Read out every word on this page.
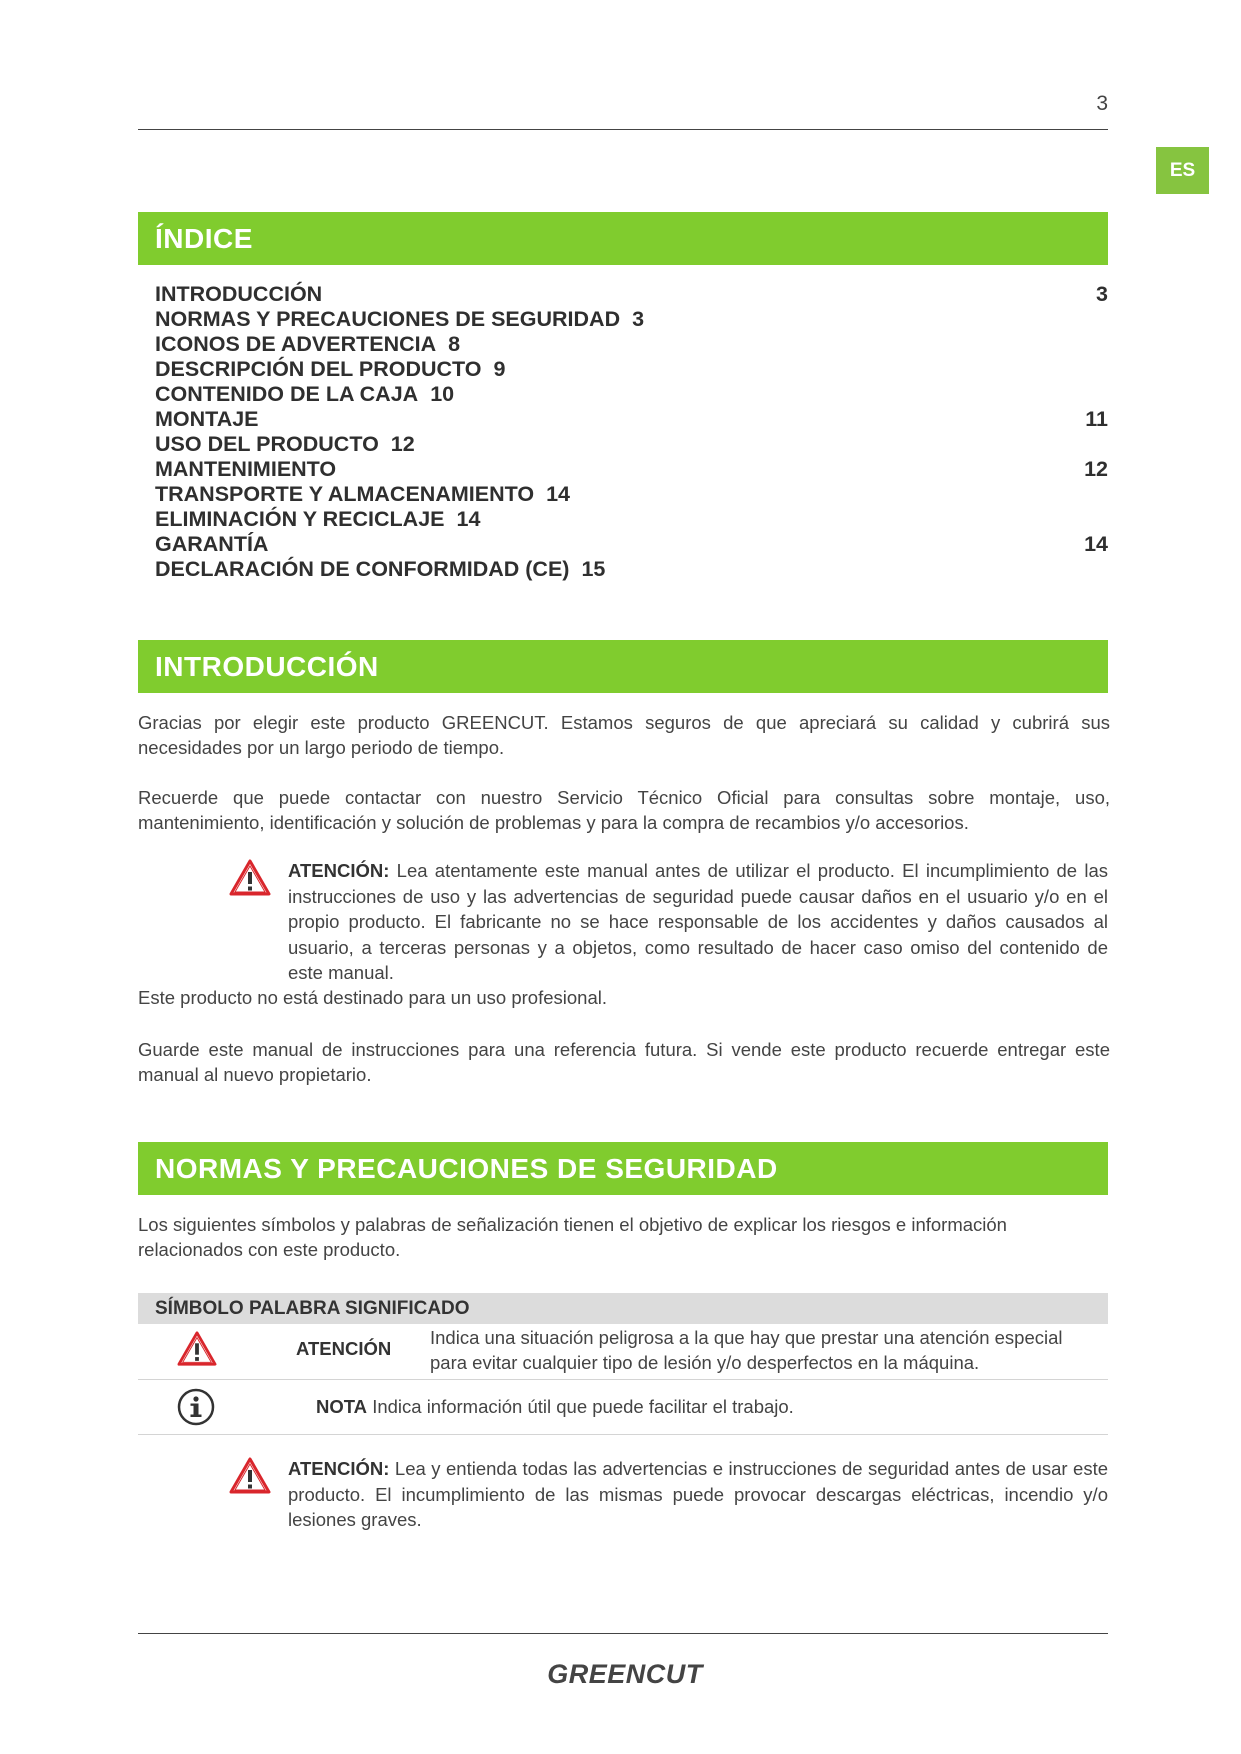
3
ES
ÍNDICE
INTRODUCCIÓN	3
NORMAS Y PRECAUCIONES DE SEGURIDAD 3
ICONOS DE ADVERTENCIA 8
DESCRIPCIÓN DEL PRODUCTO 9
CONTENIDO DE LA CAJA 10
MONTAJE	11
USO DEL PRODUCTO 12
MANTENIMIENTO	12
TRANSPORTE Y ALMACENAMIENTO 14
ELIMINACIÓN Y RECICLAJE 14
GARANTÍA	14
DECLARACIÓN DE CONFORMIDAD (CE) 15
INTRODUCCIÓN
Gracias por elegir este producto GREENCUT. Estamos seguros de que apreciará su calidad y cubrirá sus necesidades por un largo periodo de tiempo.
Recuerde que puede contactar con nuestro Servicio Técnico Oficial para consultas sobre montaje, uso, mantenimiento, identificación y solución de problemas y para la compra de recambios y/o accesorios.
ATENCIÓN: Lea atentamente este manual antes de utilizar el producto. El incumplimiento de las instrucciones de uso y las advertencias de seguridad puede causar daños en el usuario y/o en el propio producto. El fabricante no se hace responsable de los accidentes y daños causados al usuario, a terceras personas y a objetos, como resultado de hacer caso omiso del contenido de este manual.
Este producto no está destinado para un uso profesional.
Guarde este manual de instrucciones para una referencia futura. Si vende este producto recuerde entregar este manual al nuevo propietario.
NORMAS Y PRECAUCIONES DE SEGURIDAD
Los siguientes símbolos y palabras de señalización tienen el objetivo de explicar los riesgos e información relacionados con este producto.
SÍMBOLO PALABRA SIGNIFICADO
ATENCIÓN
Indica una situación peligrosa a la que hay que prestar una atención especial para evitar cualquier tipo de lesión y/o desperfectos en la máquina.
NOTA Indica información útil que puede facilitar el trabajo.
ATENCIÓN: Lea y entienda todas las advertencias e instrucciones de seguridad antes de usar este producto. El incumplimiento de las mismas puede provocar descargas eléctricas, incendio y/o lesiones graves.
GREENCUT
